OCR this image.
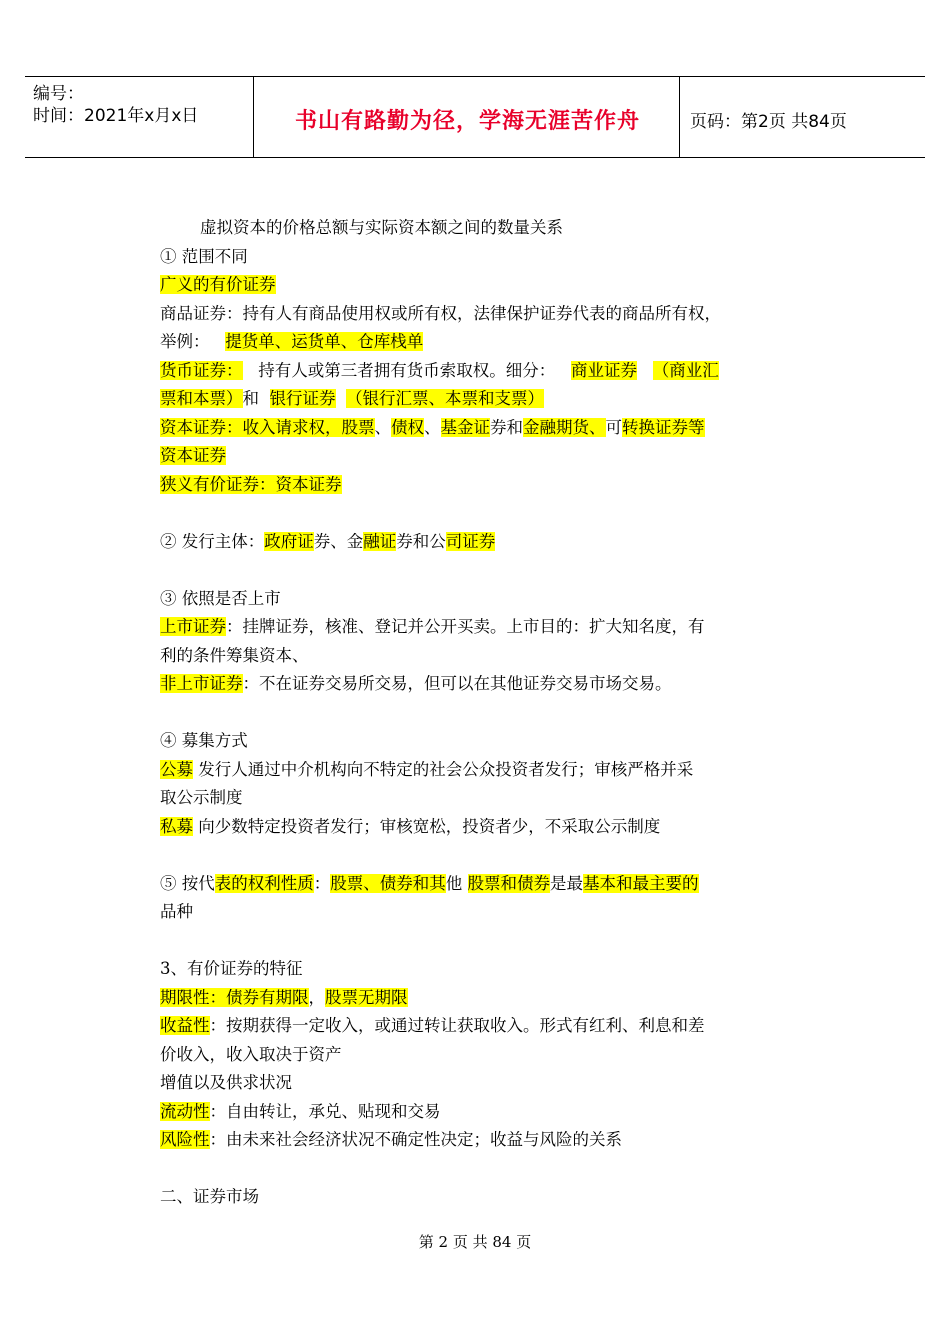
编号：
时间：2021年x月x日	书山有路勤为径，学海无涯苦作舟	页码：第2页 共84页
虚拟资本的价格总额与实际资本额之间的数量关系
① 范围不同
广义的有价证券
商品证券：持有人有商品使用权或所有权，法律保护证券代表的商品所有权，
举例： 提货单、运货单、仓库栈单
货币证券： 持有人或第三者拥有货币索取权。细分： 商业证券 （商业汇
票和本票）和 银行证券 （银行汇票、本票和支票）
资本证券：收入请求权，股票、债权、基金证券和金融期货、可转换证券等
资本证券
狭义有价证券：资本证券
② 发行主体：政府证券、金融证券和公司证券
③ 依照是否上市
上市证券：挂牌证券，核准、登记并公开买卖。上市目的：扩大知名度，有
利的条件筹集资本、
非上市证券：不在证券交易所交易，但可以在其他证券交易市场交易。
④ 募集方式
公募 发行人通过中介机构向不特定的社会公众投资者发行；审核严格并采
取公示制度
私募 向少数特定投资者发行；审核宽松，投资者少，不采取公示制度
⑤ 按代表的权利性质：股票、债券和其他 股票和债券是最基本和最主要的
品种
3、有价证券的特征
期限性：债券有期限，股票无期限
收益性：按期获得一定收入，或通过转让获取收入。形式有红利、利息和差
价收入，收入取决于资产
增值以及供求状况
流动性：自由转让，承兑、贴现和交易
风险性：由未来社会经济状况不确定性决定；收益与风险的关系
二、证券市场
第 2 页 共 84 页
